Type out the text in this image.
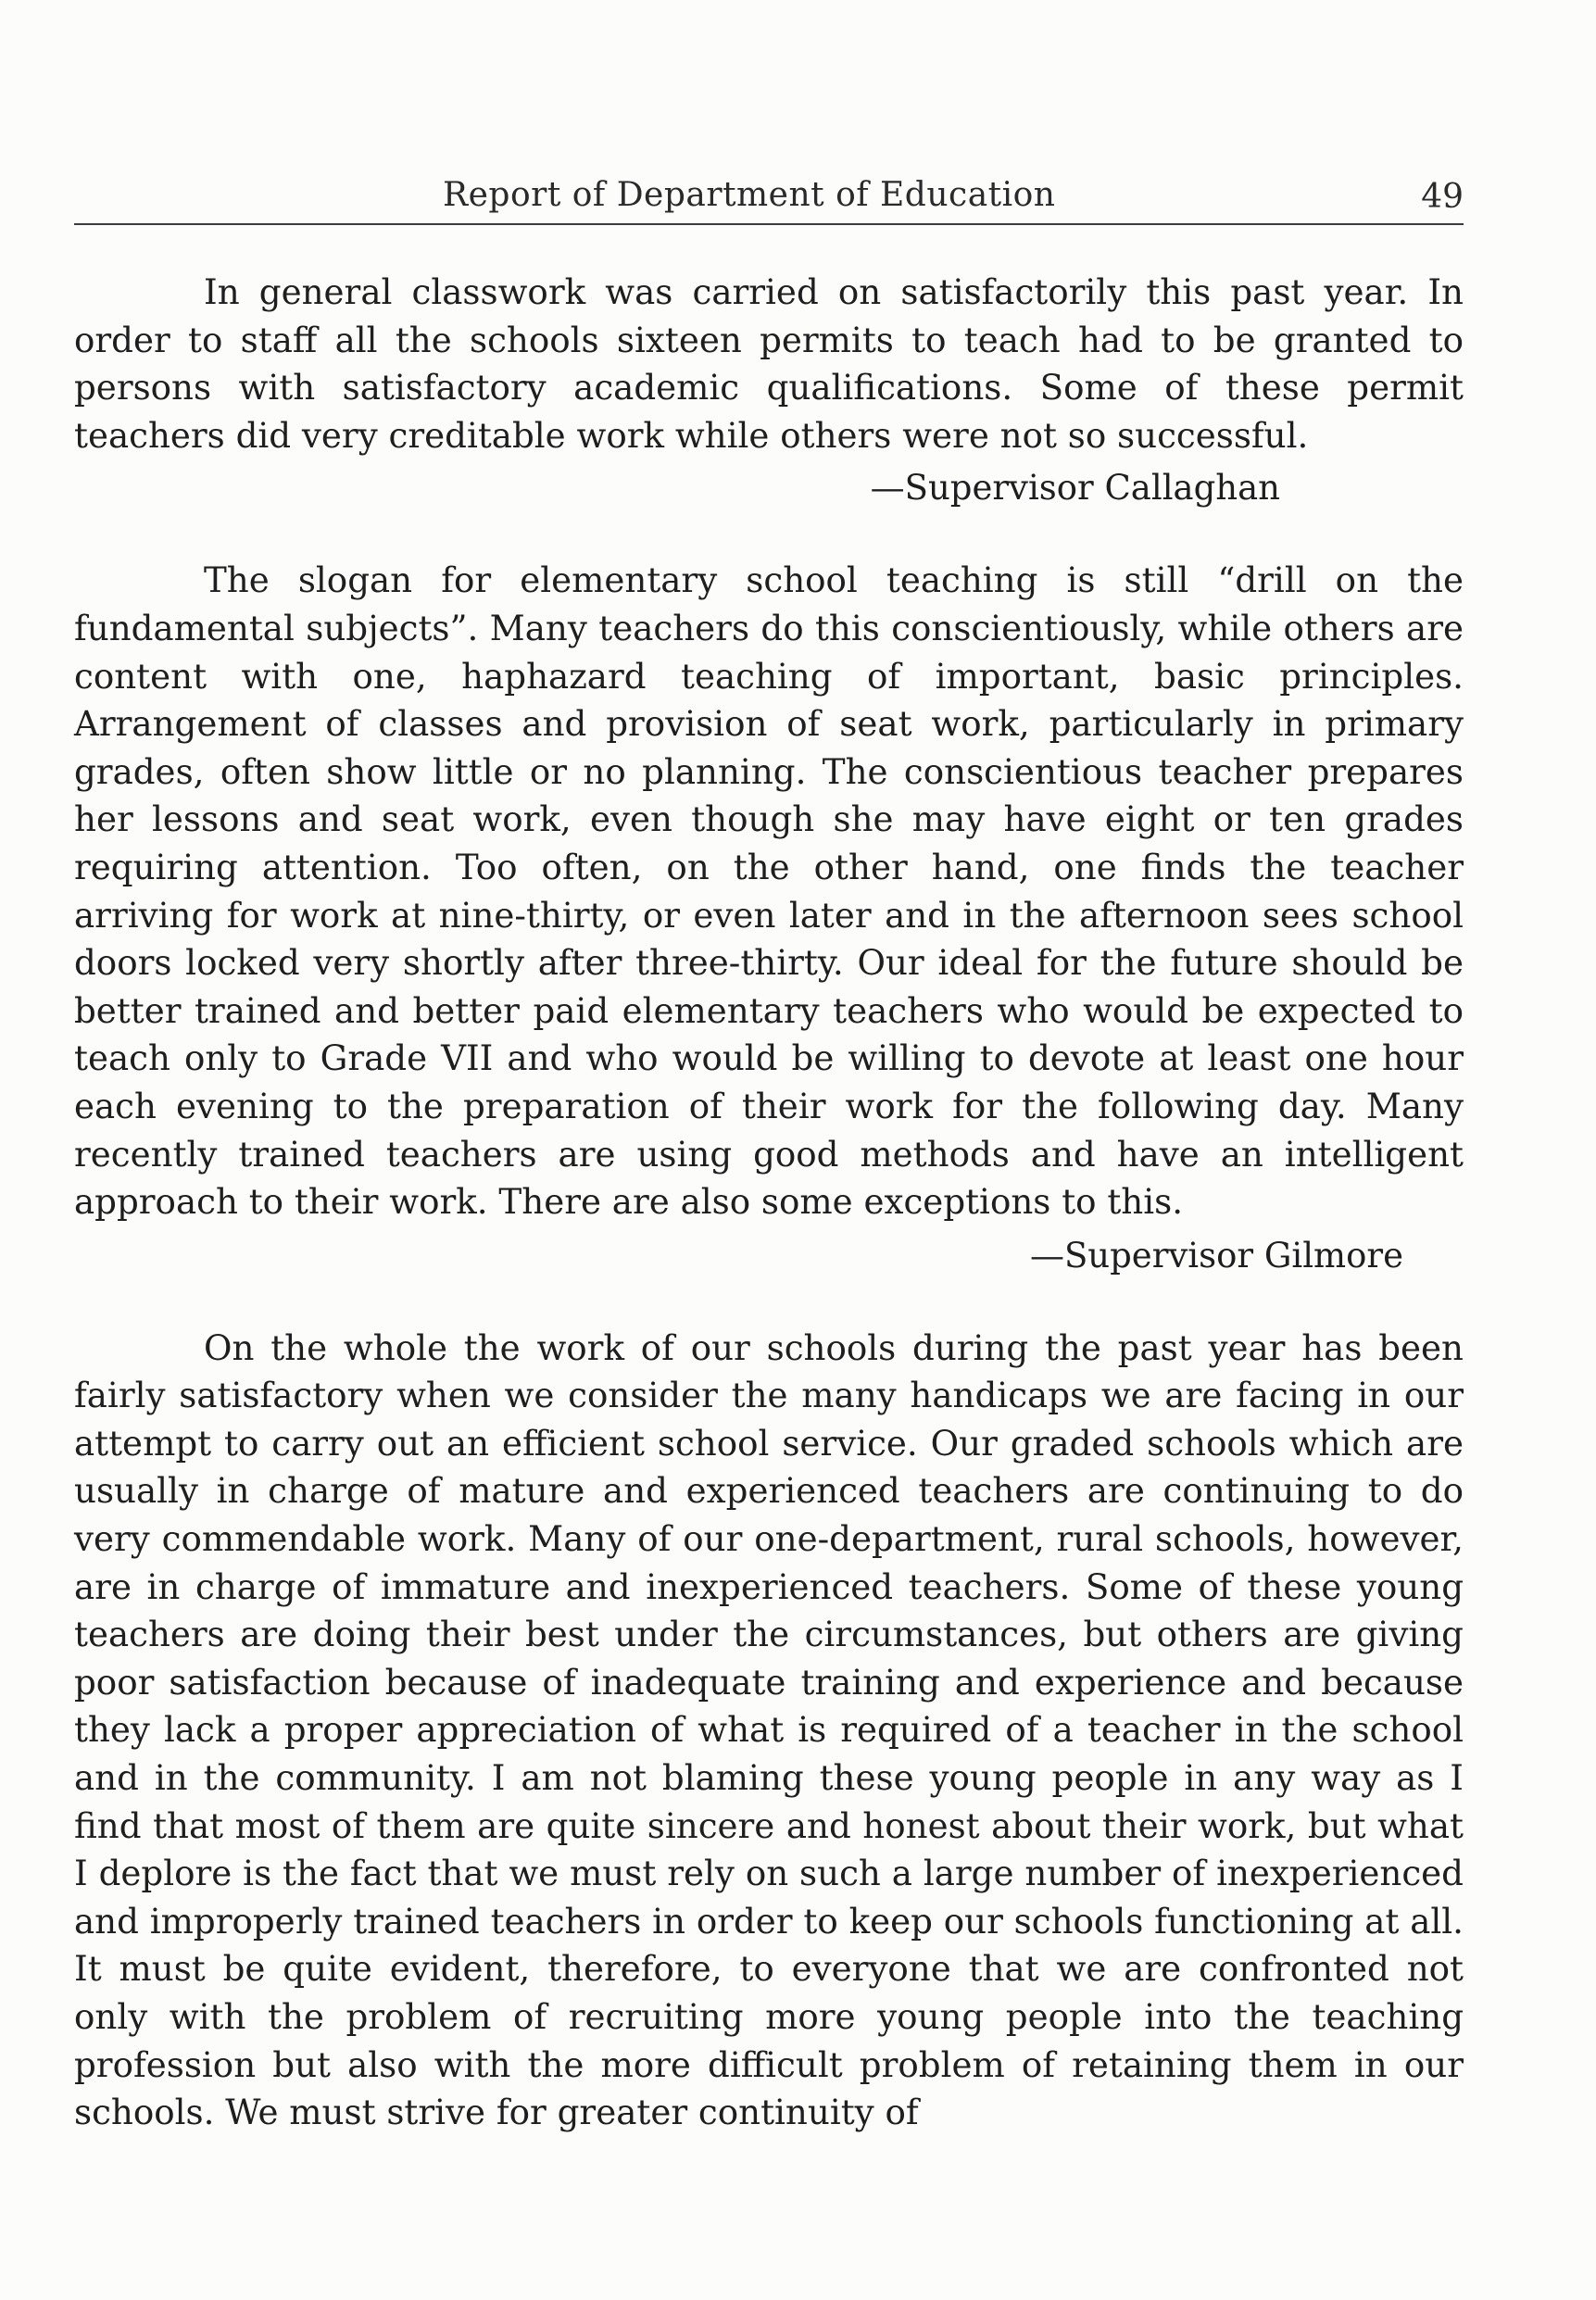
Report of Department of Education	49

In general classwork was carried on satisfactorily this past year. In order to staff all the schools sixteen permits to teach had to be granted to persons with satisfactory academic qualifications. Some of these permit teachers did very creditable work while others were not so successful.

—Supervisor Callaghan

The slogan for elementary school teaching is still “drill on the fundamental subjects”. Many teachers do this conscientiously, while others are content with one, haphazard teaching of important, basic principles. Arrangement of classes and provision of seat work, particularly in primary grades, often show little or no planning. The conscientious teacher prepares her lessons and seat work, even though she may have eight or ten grades requiring attention. Too often, on the other hand, one finds the teacher arriving for work at nine-thirty, or even later and in the afternoon sees school doors locked very shortly after three-thirty. Our ideal for the future should be better trained and better paid elementary teachers who would be expected to teach only to Grade VII and who would be willing to devote at least one hour each evening to the preparation of their work for the following day. Many recently trained teachers are using good methods and have an intelligent approach to their work. There are also some exceptions to this.

—Supervisor Gilmore

On the whole the work of our schools during the past year has been fairly satisfactory when we consider the many handicaps we are facing in our attempt to carry out an efficient school service. Our graded schools which are usually in charge of mature and experienced teachers are continuing to do very commendable work. Many of our one-department, rural schools, however, are in charge of immature and inexperienced teachers. Some of these young teachers are doing their best under the circumstances, but others are giving poor satisfaction because of inadequate training and experience and because they lack a proper appreciation of what is required of a teacher in the school and in the community. I am not blaming these young people in any way as I find that most of them are quite sincere and honest about their work, but what I deplore is the fact that we must rely on such a large number of inexperienced and improperly trained teachers in order to keep our schools functioning at all. It must be quite evident, therefore, to everyone that we are confronted not only with the problem of recruiting more young people into the teaching profession but also with the more difficult problem of retaining them in our schools. We must strive for greater continuity of
